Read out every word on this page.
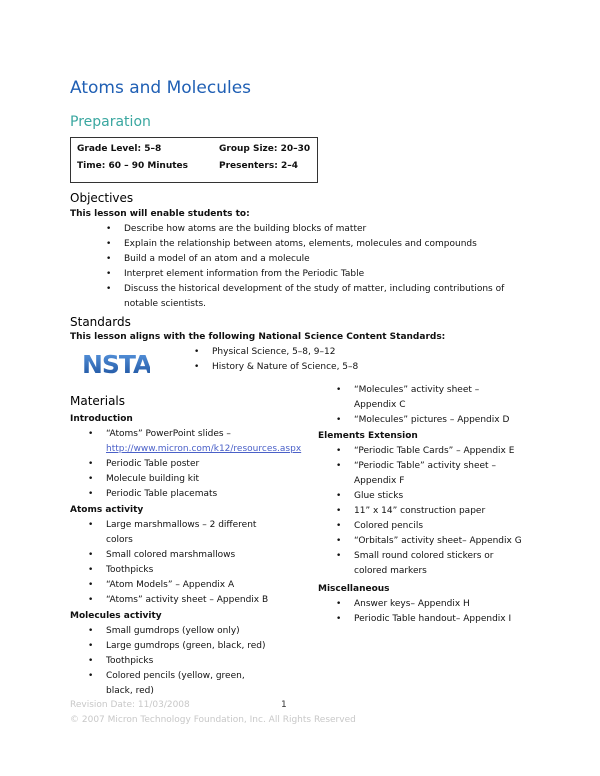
Atoms and Molecules
Preparation
Grade Level: 5–8	Group Size: 20–30
Time: 60 – 90 Minutes	Presenters: 2–4
Objectives
This lesson will enable students to:
• Describe how atoms are the building blocks of matter
• Explain the relationship between atoms, elements, molecules and compounds
• Build a model of an atom and a molecule
• Interpret element information from the Periodic Table
• Discuss the historical development of the study of matter, including contributions of
notable scientists.
Standards
This lesson aligns with the following National Science Content Standards:
NSTA
•	Physical Science, 5–8, 9–12
• History & Nature of Science, 5–8
Materials
Introduction
• “Atoms” PowerPoint slides –
http://www.micron.com/k12/resources.aspx
• Periodic Table poster
• Molecule building kit
• Periodic Table placemats
Atoms activity
• Large marshmallows – 2 different
colors
• Small colored marshmallows
• Toothpicks
• “Atom Models” – Appendix A
• “Atoms” activity sheet – Appendix B
Molecules activity
• Small gumdrops (yellow only)
• Large gumdrops (green, black, red)
• Toothpicks
• Colored pencils (yellow, green,
black, red)
• “Molecules” activity sheet –
Appendix C
• “Molecules” pictures – Appendix D
Elements Extension
• “Periodic Table Cards” – Appendix E
• “Periodic Table” activity sheet –
Appendix F
• Glue sticks
• 11” x 14” construction paper
• Colored pencils
• “Orbitals” activity sheet– Appendix G
• Small round colored stickers or
colored markers
Miscellaneous
• Answer keys– Appendix H
• Periodic Table handout– Appendix I
Revision Date: 11/03/2008	1
© 2007 Micron Technology Foundation, Inc. All Rights Reserved
